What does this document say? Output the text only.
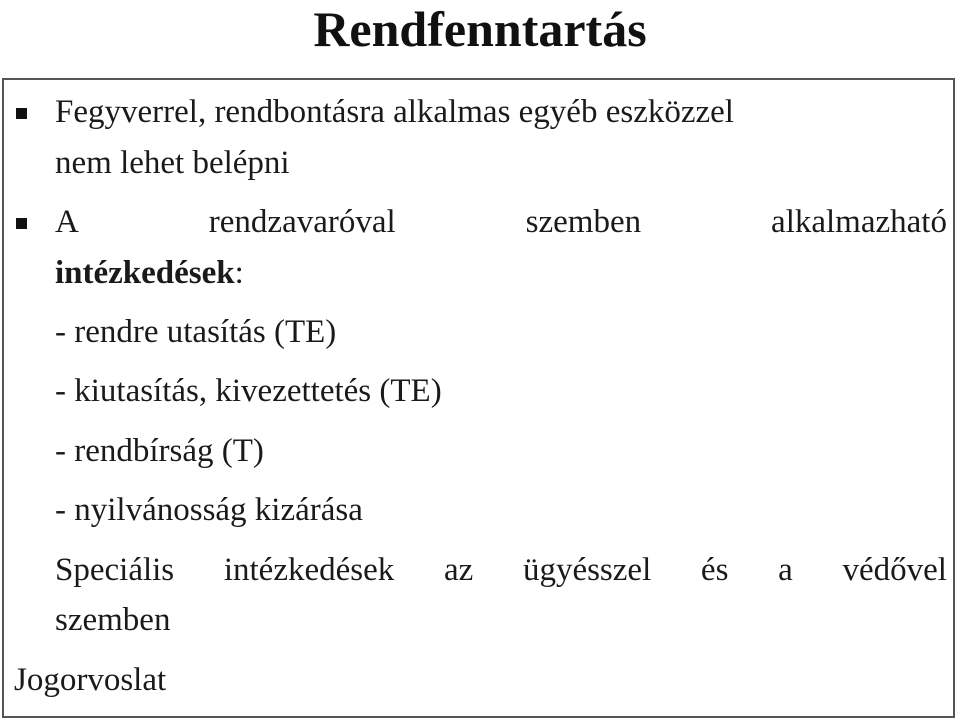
Rendfenntartás
Fegyverrel, rendbontásra alkalmas egyéb eszközzel
nem lehet belépni
A	rendzavaróval	szemben	alkalmazható
intézkedések:
- rendre utasítás (TE)
- kiutasítás, kivezettetés (TE)
- rendbírság (T)
- nyilvánosság kizárása
Speciális intézkedések az ügyésszel és a védővel
szemben
Jogorvoslat
